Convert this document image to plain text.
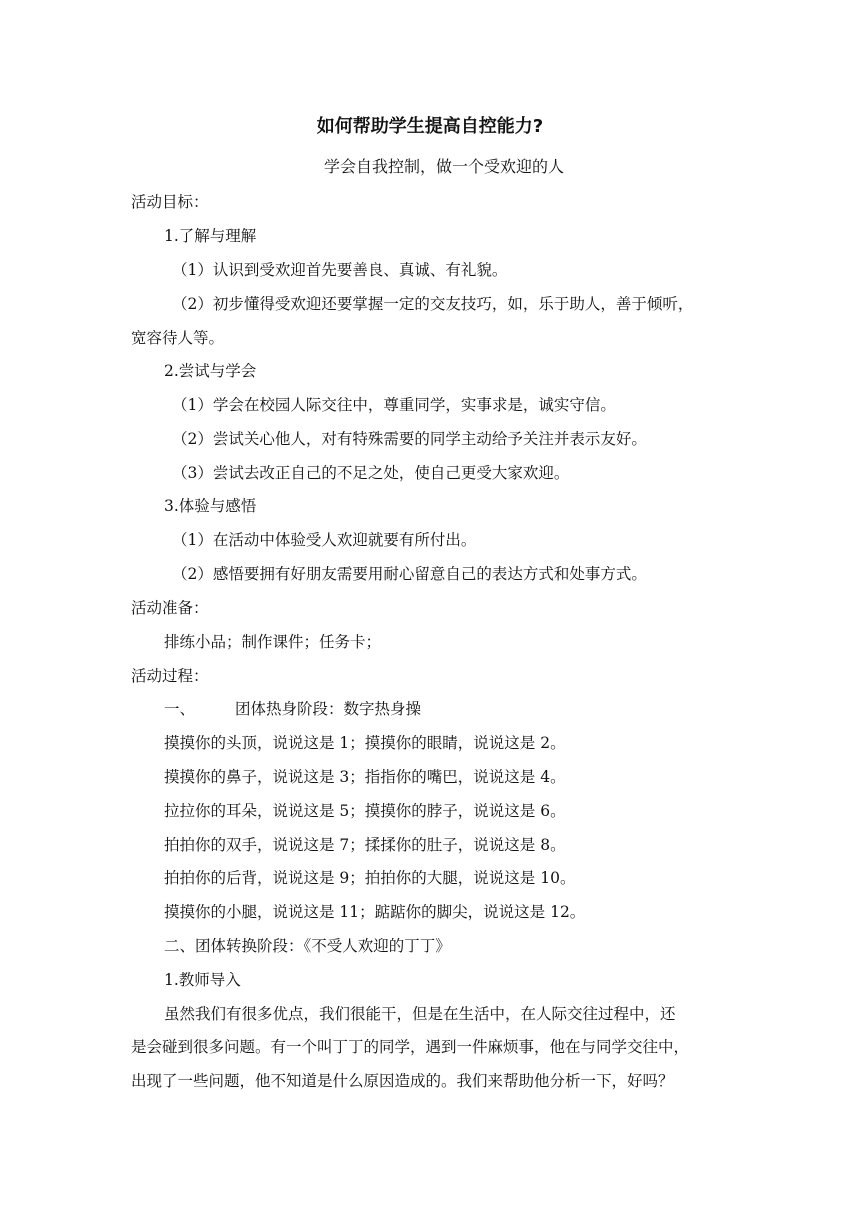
如何帮助学生提高自控能力?
学会自我控制，做一个受欢迎的人
活动目标：
1.了解与理解
（1）认识到受欢迎首先要善良、真诚、有礼貌。
（2）初步懂得受欢迎还要掌握一定的交友技巧，如，乐于助人，善于倾听，
宽容待人等。
2.尝试与学会
（1）学会在校园人际交往中，尊重同学，实事求是，诚实守信。
（2）尝试关心他人，对有特殊需要的同学主动给予关注并表示友好。
（3）尝试去改正自己的不足之处，使自己更受大家欢迎。
3.体验与感悟
（1）在活动中体验受人欢迎就要有所付出。
（2）感悟要拥有好朋友需要用耐心留意自己的表达方式和处事方式。
活动准备：
排练小品；制作课件；任务卡；
活动过程：
一、	团体热身阶段：数字热身操
摸摸你的头顶，说说这是 1；摸摸你的眼睛，说说这是 2。
摸摸你的鼻子，说说这是 3；指指你的嘴巴，说说这是 4。
拉拉你的耳朵，说说这是 5；摸摸你的脖子，说说这是 6。
拍拍你的双手，说说这是 7；揉揉你的肚子，说说这是 8。
拍拍你的后背，说说这是 9；拍拍你的大腿，说说这是 10。
摸摸你的小腿，说说这是 11；踮踮你的脚尖，说说这是 12。
二、团体转换阶段：《不受人欢迎的丁丁》
1.教师导入
虽然我们有很多优点，我们很能干，但是在生活中，在人际交往过程中，还
是会碰到很多问题。有一个叫丁丁的同学，遇到一件麻烦事，他在与同学交往中，
出现了一些问题，他不知道是什么原因造成的。我们来帮助他分析一下，好吗？
